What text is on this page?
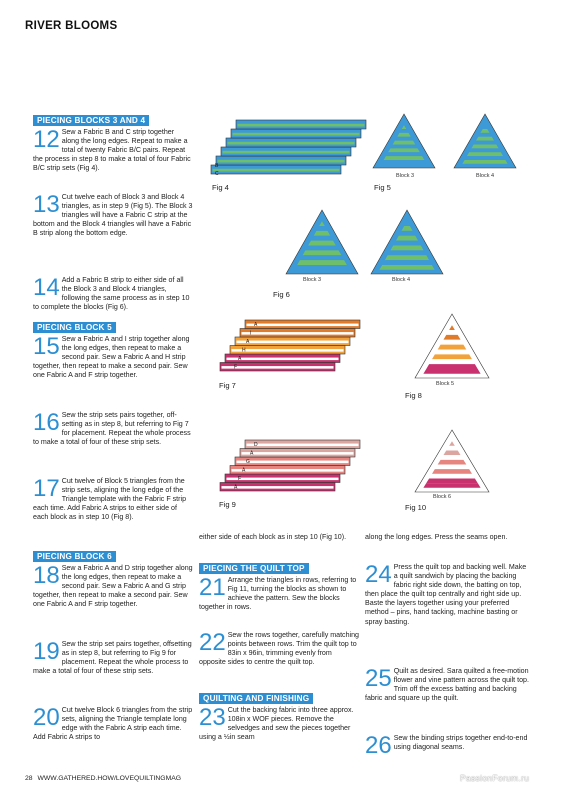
RIVER BLOOMS
PIECING BLOCKS 3 AND 4
12 Sew a Fabric B and C strip together along the long edges. Repeat to make a total of twenty Fabric B/C pairs. Repeat the process in step 8 to make a total of four Fabric B/C strip sets (Fig 4).
13 Cut twelve each of Block 3 and Block 4 triangles, as in step 9 (Fig 5). The Block 3 triangles will have a Fabric C strip at the bottom and the Block 4 triangles will have a Fabric B strip along the bottom edge.
14 Add a Fabric B strip to either side of all the Block 3 and Block 4 triangles, following the same process as in step 10 to complete the blocks (Fig 6).
PIECING BLOCK 5
15 Sew a Fabric A and I strip together along the long edges, then repeat to make a second pair. Sew a Fabric A and H strip together, then repeat to make a second pair. Sew one Fabric A and F strip together.
16 Sew the strip sets pairs together, off-setting as in step 8, but referring to Fig 7 for placement. Repeat the whole process to make a total of four of these strip sets.
17 Cut twelve of Block 5 triangles from the strip sets, aligning the long edge of the Triangle template with the Fabric F strip each time. Add Fabric A strips to either side of each block as in step 10 (Fig 8).
PIECING BLOCK 6
18 Sew a Fabric A and D strip together along the long edges, then repeat to make a second pair. Sew a Fabric A and G strip together, then repeat to make a second pair. Sew one Fabric A and F strip together.
19 Sew the strip set pairs together, offsetting as in step 8, but referring to Fig 9 for placement. Repeat the whole process to make a total of four of these strip sets.
20 Cut twelve Block 6 triangles from the strip sets, aligning the Triangle template long edge with the Fabric A strip each time. Add Fabric A strips to
either side of each block as in step 10 (Fig 10).
PIECING THE QUILT TOP
21 Arrange the triangles in rows, referring to Fig 11, turning the blocks as shown to achieve the pattern. Sew the blocks together in rows.
22 Sew the rows together, carefully matching points between rows. Trim the quilt top to 83in x 96in, trimming evenly from opposite sides to centre the quilt top.
QUILTING AND FINISHING
23 Cut the backing fabric into three approx. 108in x WOF pieces. Remove the selvedges and sew the pieces together using a ½in seam
along the long edges. Press the seams open.
24 Press the quilt top and backing well. Make a quilt sandwich by placing the backing fabric right side down, the batting on top, then place the quilt top centrally and right side up. Baste the layers together using your preferred method – pins, hand tacking, machine basting or spray basting.
25 Quilt as desired. Sara quilted a free-motion flower and vine pattern across the quilt top. Trim off the excess batting and backing fabric and square up the quilt.
26 Sew the binding strips together end-to-end using diagonal seams.
B
C
Fig 4
Block 3	Block 4
Fig 5
Block 3	Block 4
Fig 6
A
I
A
H
A
F
Fig 7	Block 5
Fig 8
D
A
G
A
F
A
Fig 9
Block 6
Fig 10
28 WWW.GATHERED.HOW/LOVEQUILTINGMAG	PassionForum.ru
